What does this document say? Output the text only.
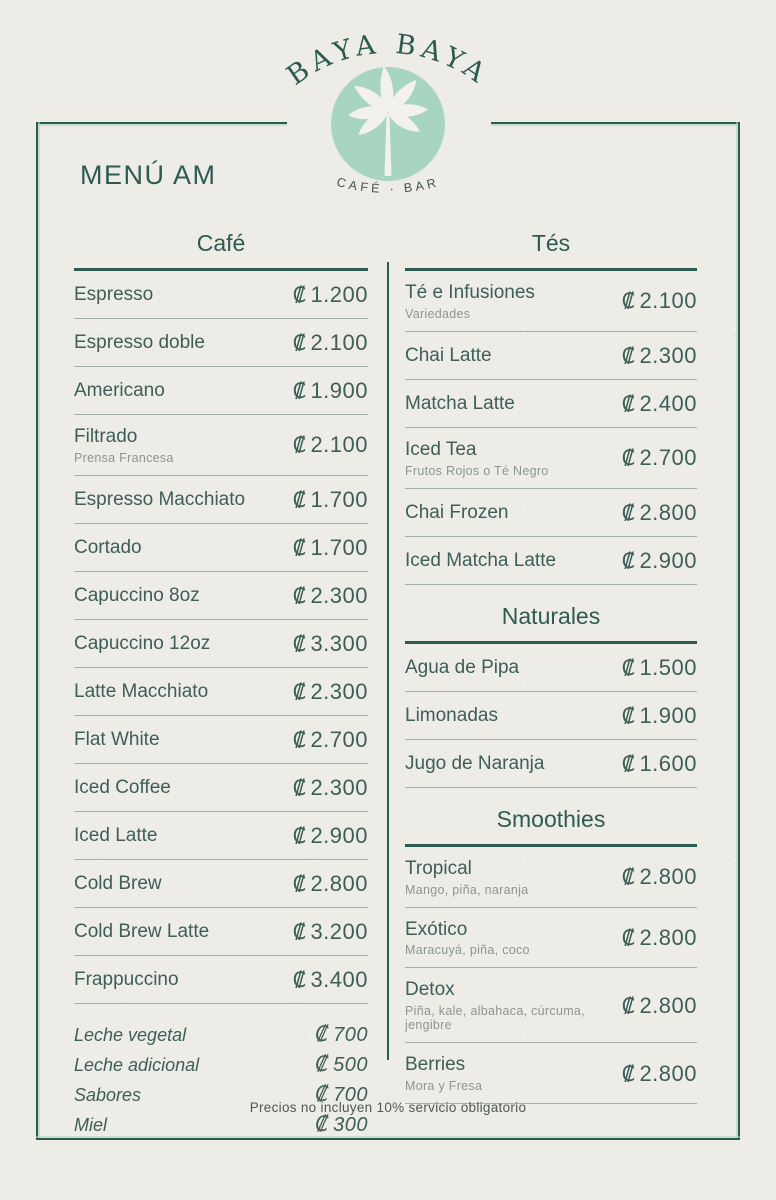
BAYA BAYA
CAFÉ · BAR
MENÚ AM
Café
Espresso	₡ 1.200
Espresso doble	₡ 2.100
Americano	₡ 1.900
Filtrado
Prensa Francesa
₡ 2.100
Espresso Macchiato ₡ 1.700
Cortado	₡ 1.700
Capuccino 8oz	₡ 2.300
Capuccino 12oz	₡ 3.300
Latte Macchiato	₡ 2.300
Flat White	₡ 2.700
Iced Coffee	₡ 2.300
Iced Latte	₡ 2.900
Cold Brew	₡ 2.800
Cold Brew Latte	₡ 3.200
Frappuccino	₡ 3.400
Leche vegetal	₡ 700
Leche adicional	₡ 500
Sabores	₡ 700
Miel	₡ 300
Tés
Té e Infusiones
Variedades
₡ 2.100
Chai Latte	₡ 2.300
Matcha Latte	₡ 2.400
Iced Tea
Frutos Rojos o Té Negro
₡ 2.700
Chai Frozen	₡ 2.800
Iced Matcha Latte	₡ 2.900
Naturales
Agua de Pipa	₡ 1.500
Limonadas	₡ 1.900
Jugo de Naranja	₡ 1.600
Smoothies
Tropical
Mango, piña, naranja
₡ 2.800
Exótico
Maracuyá, piña, coco
₡ 2.800
Detox
Piña, kale, albahaca, cúrcuma, jengibre
₡ 2.800
Berries
Mora y Fresa
₡ 2.800
Precios no incluyen 10% servicio obligatorio
